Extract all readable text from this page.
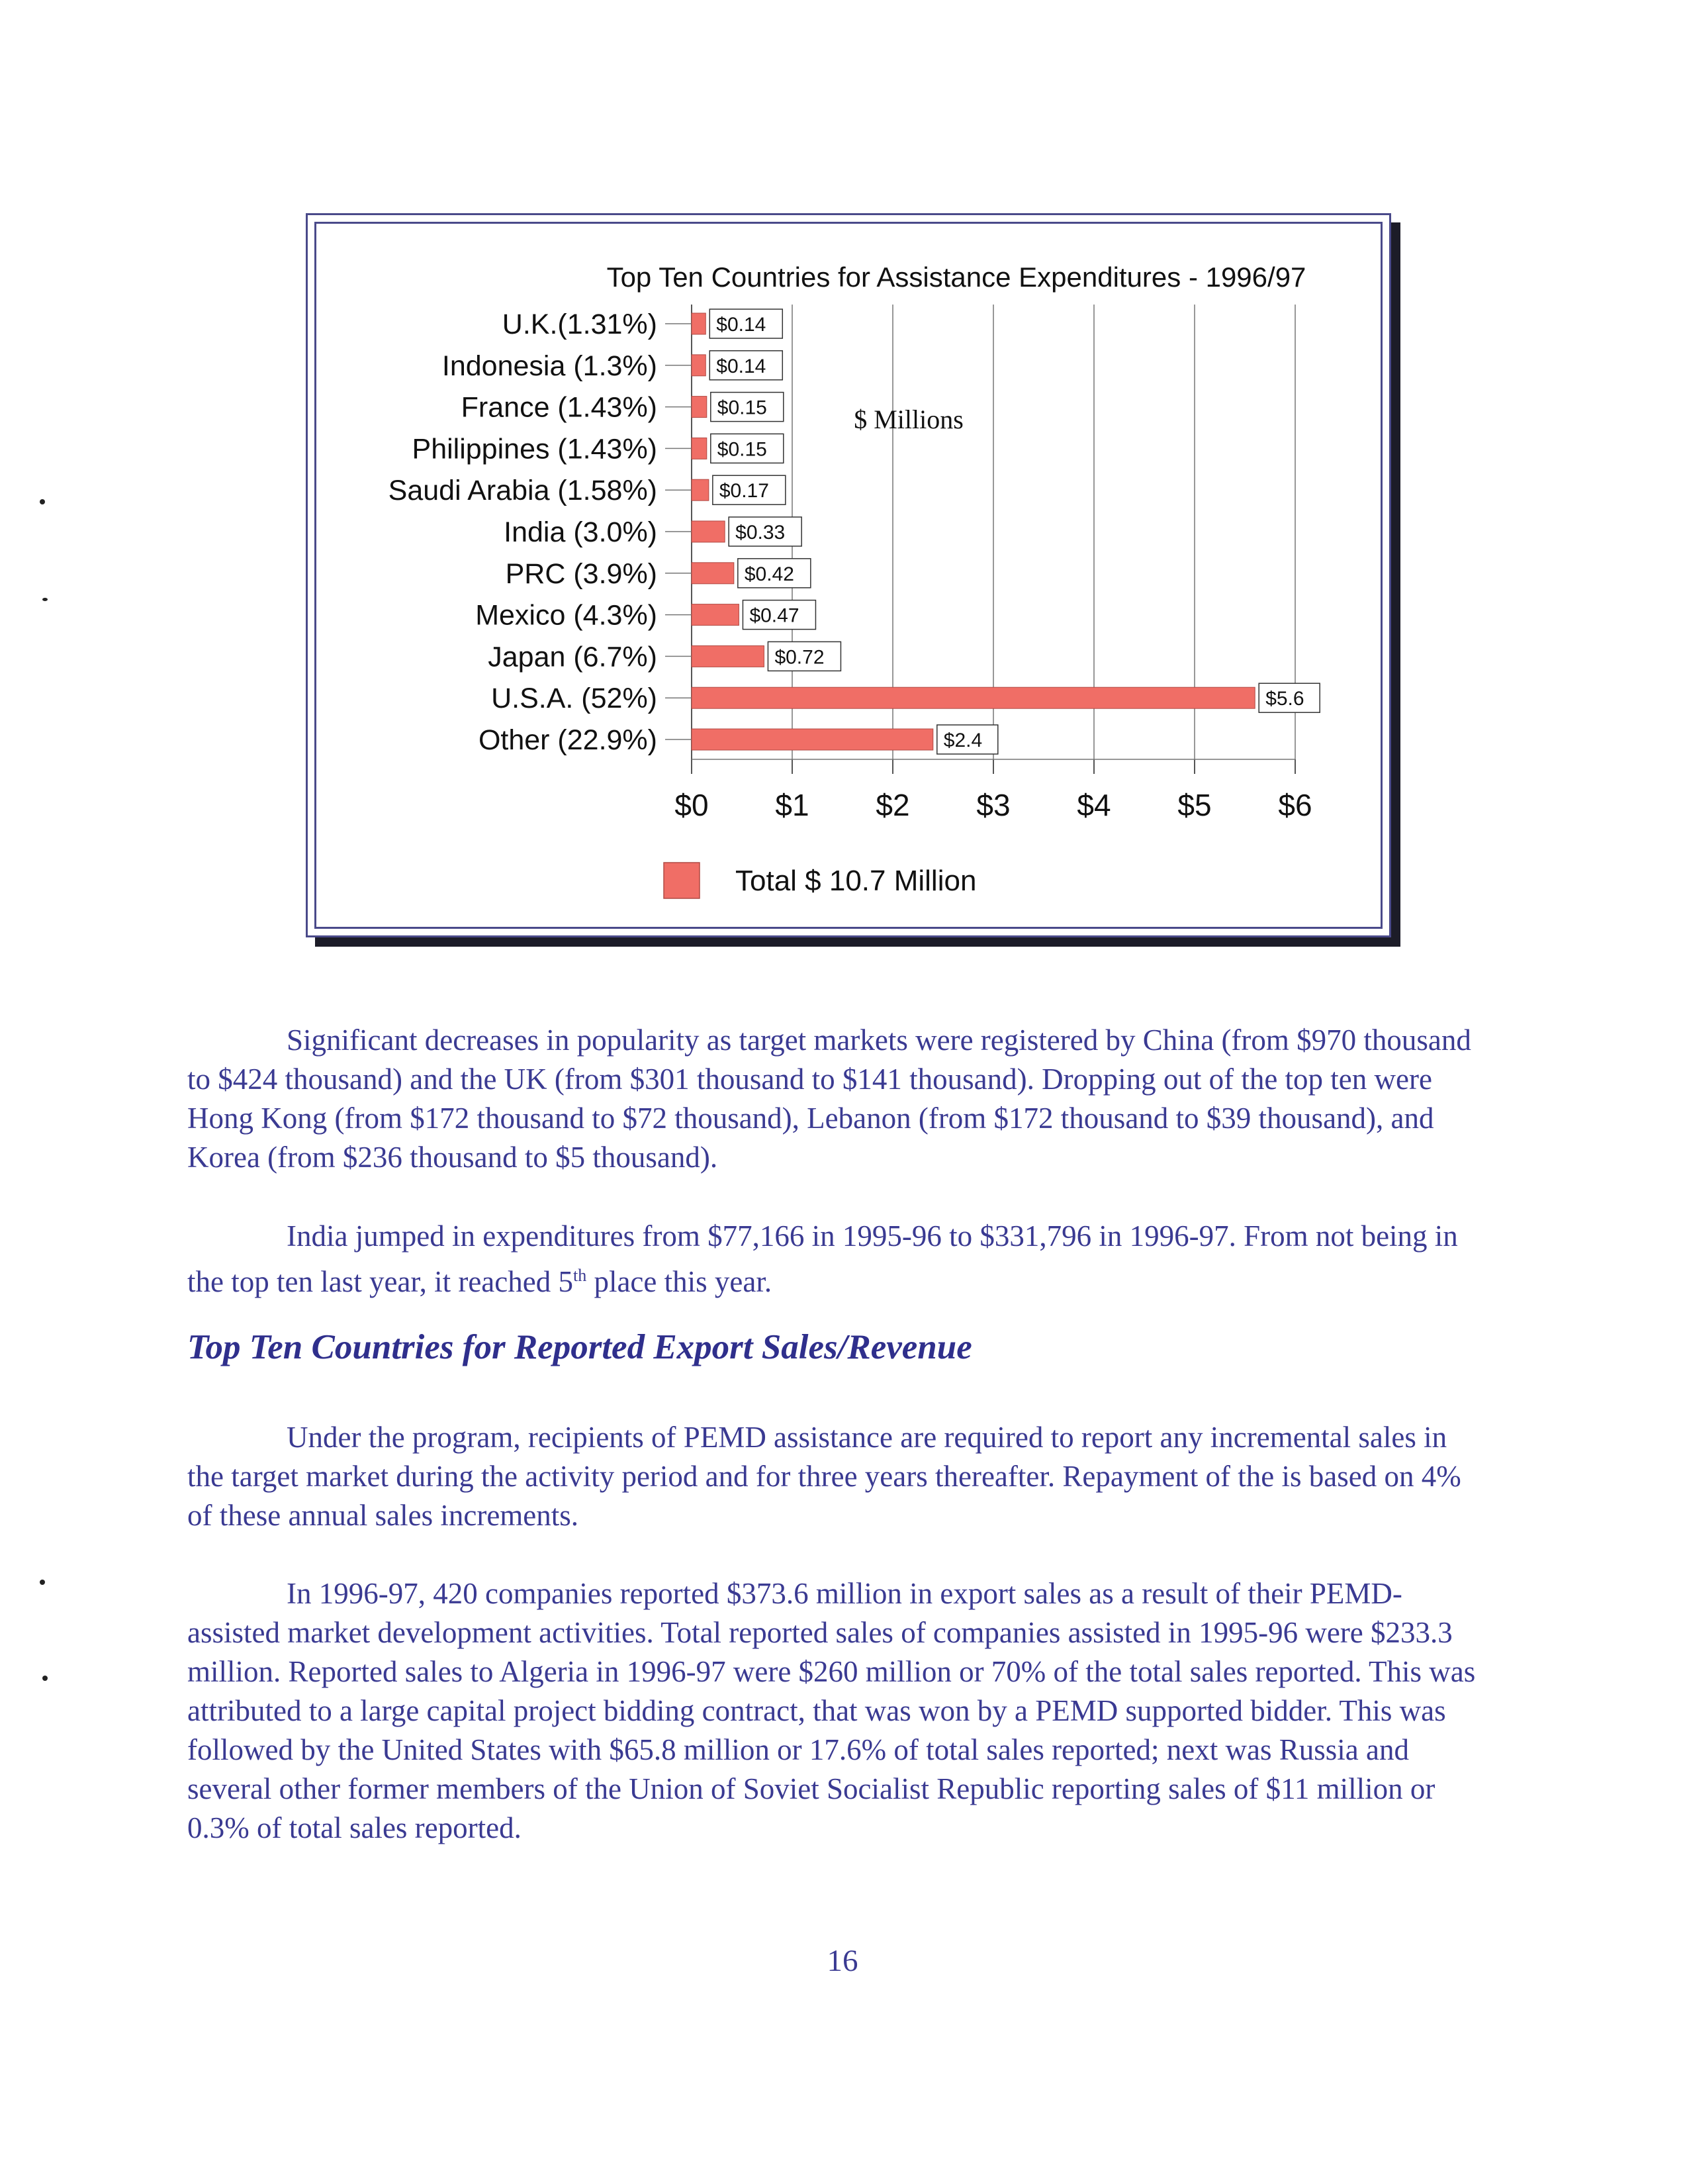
Top Ten Countries for Assistance Expenditures - 1996/97
$0 $1 $2 $3 $4 $5 $6
$ Millions
U.K.(1.31%)	$0.14
Indonesia (1.3%)	$0.14
France (1.43%)	$0.15
Philippines (1.43%)	$0.15
Saudi Arabia (1.58%)	$0.17
India (3.0%)	$0.33
PRC (3.9%)	$0.42
Mexico (4.3%)	$0.47
Japan (6.7%)	$0.72
U.S.A. (52%)	$5.6
Other (22.9%)	$2.4
Total $ 10.7 Million

Significant decreases in popularity as target markets were registered by China (from $970 thousand to $424 thousand) and the UK (from $301 thousand to $141 thousand). Dropping out of the top ten were Hong Kong (from $172 thousand to $72 thousand), Lebanon (from $172 thousand to $39 thousand), and Korea (from $236 thousand to $5 thousand).

India jumped in expenditures from $77,166 in 1995-96 to $331,796 in 1996-97. From not being in the top ten last year, it reached 5th place this year.

Top Ten Countries for Reported Export Sales/Revenue

Under the program, recipients of PEMD assistance are required to report any incremental sales in the target market during the activity period and for three years thereafter. Repayment of the is based on 4% of these annual sales increments.

In 1996-97, 420 companies reported $373.6 million in export sales as a result of their PEMD-assisted market development activities. Total reported sales of companies assisted in 1995-96 were $233.3 million. Reported sales to Algeria in 1996-97 were $260 million or 70% of the total sales reported. This was attributed to a large capital project bidding contract, that was won by a PEMD supported bidder. This was followed by the United States with $65.8 million or 17.6% of total sales reported; next was Russia and several other former members of the Union of Soviet Socialist Republic reporting sales of $11 million or 0.3% of total sales reported.

16
